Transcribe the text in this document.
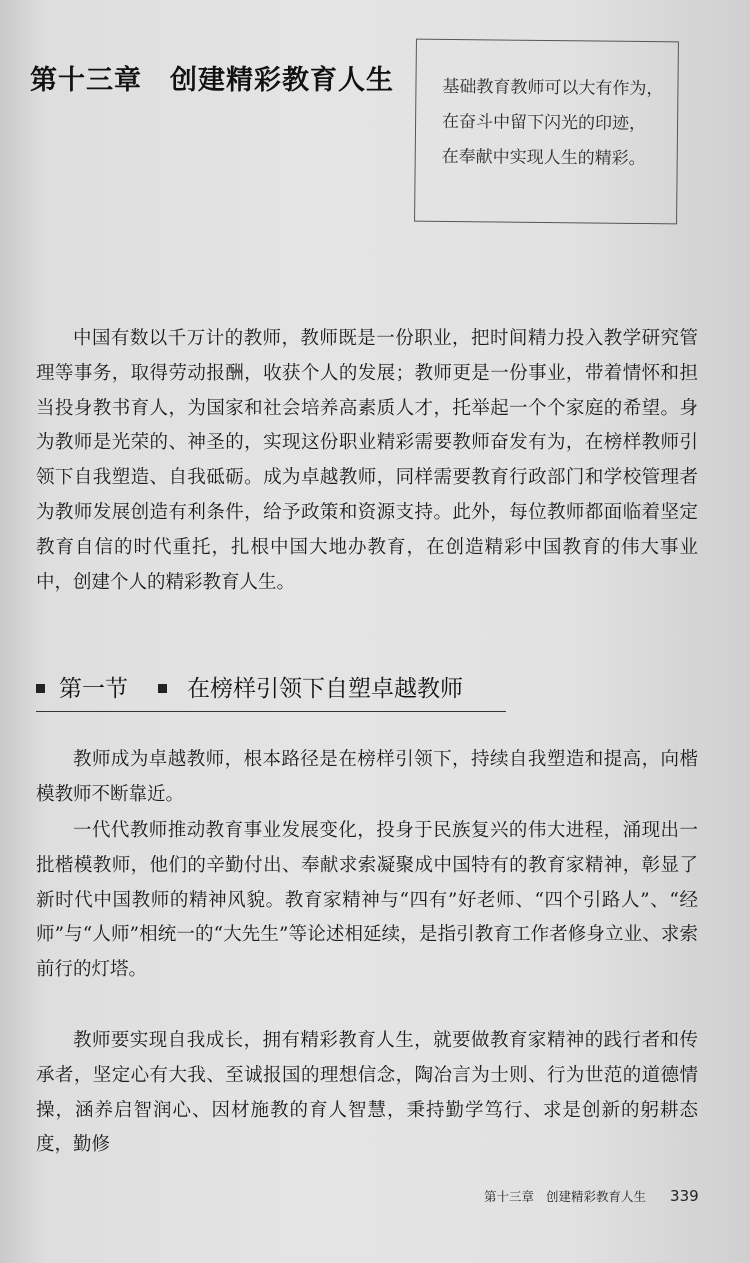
第十三章 创建精彩教育人生	基础教育教师可以大有作为，
在奋斗中留下闪光的印迹，
在奉献中实现人生的精彩。

中国有数以千万计的教师，教师既是一份职业，把时间精力投入教学研究管理等事务，取得劳动报酬，收获个人的发展；教师更是一份事业，带着情怀和担当投身教书育人，为国家和社会培养高素质人才，托举起一个个家庭的希望。身为教师是光荣的、神圣的，实现这份职业精彩需要教师奋发有为，在榜样教师引领下自我塑造、自我砥砺。成为卓越教师，同样需要教育行政部门和学校管理者为教师发展创造有利条件，给予政策和资源支持。此外，每位教师都面临着坚定教育自信的时代重托，扎根中国大地办教育，在创造精彩中国教育的伟大事业中，创建个人的精彩教育人生。

第一节	在榜样引领下自塑卓越教师

教师成为卓越教师，根本路径是在榜样引领下，持续自我塑造和提高，向楷模教师不断靠近。

一代代教师推动教育事业发展变化，投身于民族复兴的伟大进程，涌现出一批楷模教师，他们的辛勤付出、奉献求索凝聚成中国特有的教育家精神，彰显了新时代中国教师的精神风貌。教育家精神与“四有”好老师、“四个引路人”、“经师”与“人师”相统一的“大先生”等论述相延续，是指引教育工作者修身立业、求索前行的灯塔。

教师要实现自我成长，拥有精彩教育人生，就要做教育家精神的践行者和传承者，坚定心有大我、至诚报国的理想信念，陶冶言为士则、行为世范的道德情操，涵养启智润心、因材施教的育人智慧，秉持勤学笃行、求是创新的躬耕态度，勤修

第十三章 创建精彩教育人生 339
